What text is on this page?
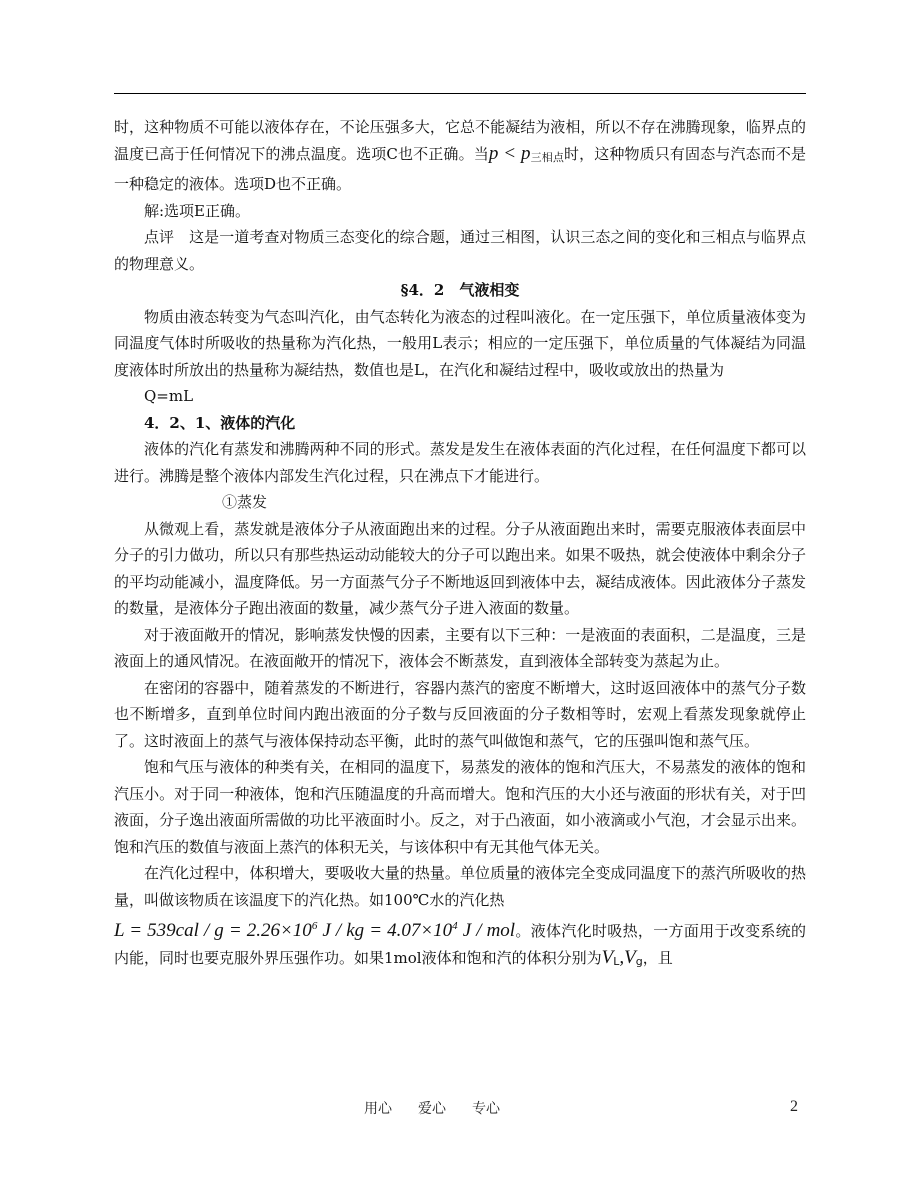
时，这种物质不可能以液体存在，不论压强多大，它总不能凝结为液相，所以不存在沸腾现象，临界点的温度已高于任何情况下的沸点温度。选项C也不正确。当p < p三相点时，这种物质只有固态与汽态而不是一种稳定的液体。选项D也不正确。

解:选项E正确。

点评　这是一道考查对物质三态变化的综合题，通过三相图，认识三态之间的变化和三相点与临界点的物理意义。

§4．2　气液相变

物质由液态转变为气态叫汽化，由气态转化为液态的过程叫液化。在一定压强下，单位质量液体变为同温度气体时所吸收的热量称为汽化热，一般用L表示；相应的一定压强下，单位质量的气体凝结为同温度液体时所放出的热量称为凝结热，数值也是L，在汽化和凝结过程中，吸收或放出的热量为

Q=mL

4．2、1、液体的汽化

液体的汽化有蒸发和沸腾两种不同的形式。蒸发是发生在液体表面的汽化过程，在任何温度下都可以进行。沸腾是整个液体内部发生汽化过程，只在沸点下才能进行。

①蒸发

从微观上看，蒸发就是液体分子从液面跑出来的过程。分子从液面跑出来时，需要克服液体表面层中分子的引力做功，所以只有那些热运动动能较大的分子可以跑出来。如果不吸热，就会使液体中剩余分子的平均动能减小，温度降低。另一方面蒸气分子不断地返回到液体中去，凝结成液体。因此液体分子蒸发的数量，是液体分子跑出液面的数量，减少蒸气分子进入液面的数量。

对于液面敞开的情况，影响蒸发快慢的因素，主要有以下三种：一是液面的表面积，二是温度，三是液面上的通风情况。在液面敞开的情况下，液体会不断蒸发，直到液体全部转变为蒸起为止。

在密闭的容器中，随着蒸发的不断进行，容器内蒸汽的密度不断增大，这时返回液体中的蒸气分子数也不断增多，直到单位时间内跑出液面的分子数与反回液面的分子数相等时，宏观上看蒸发现象就停止了。这时液面上的蒸气与液体保持动态平衡，此时的蒸气叫做饱和蒸气，它的压强叫饱和蒸气压。

饱和气压与液体的种类有关，在相同的温度下，易蒸发的液体的饱和汽压大，不易蒸发的液体的饱和汽压小。对于同一种液体，饱和汽压随温度的升高而增大。饱和汽压的大小还与液面的形状有关，对于凹液面，分子逸出液面所需做的功比平液面时小。反之，对于凸液面，如小液滴或小气泡，才会显示出来。饱和汽压的数值与液面上蒸汽的体积无关，与该体积中有无其他气体无关。

在汽化过程中，体积增大，要吸收大量的热量。单位质量的液体完全变成同温度下的蒸汽所吸收的热量，叫做该物质在该温度下的汽化热。如100℃水的汽化热

$L = 539cal / g = 2.26\times 10^6$ J / kg = $4.07\times 10^4$ J / mol。液体汽化时吸热，一方面用于改变系统的内能，同时也要克服外界压强作功。如果1mol液体和饱和汽的体积分别为VL,Vg，且

用心 爱心 专心	2
